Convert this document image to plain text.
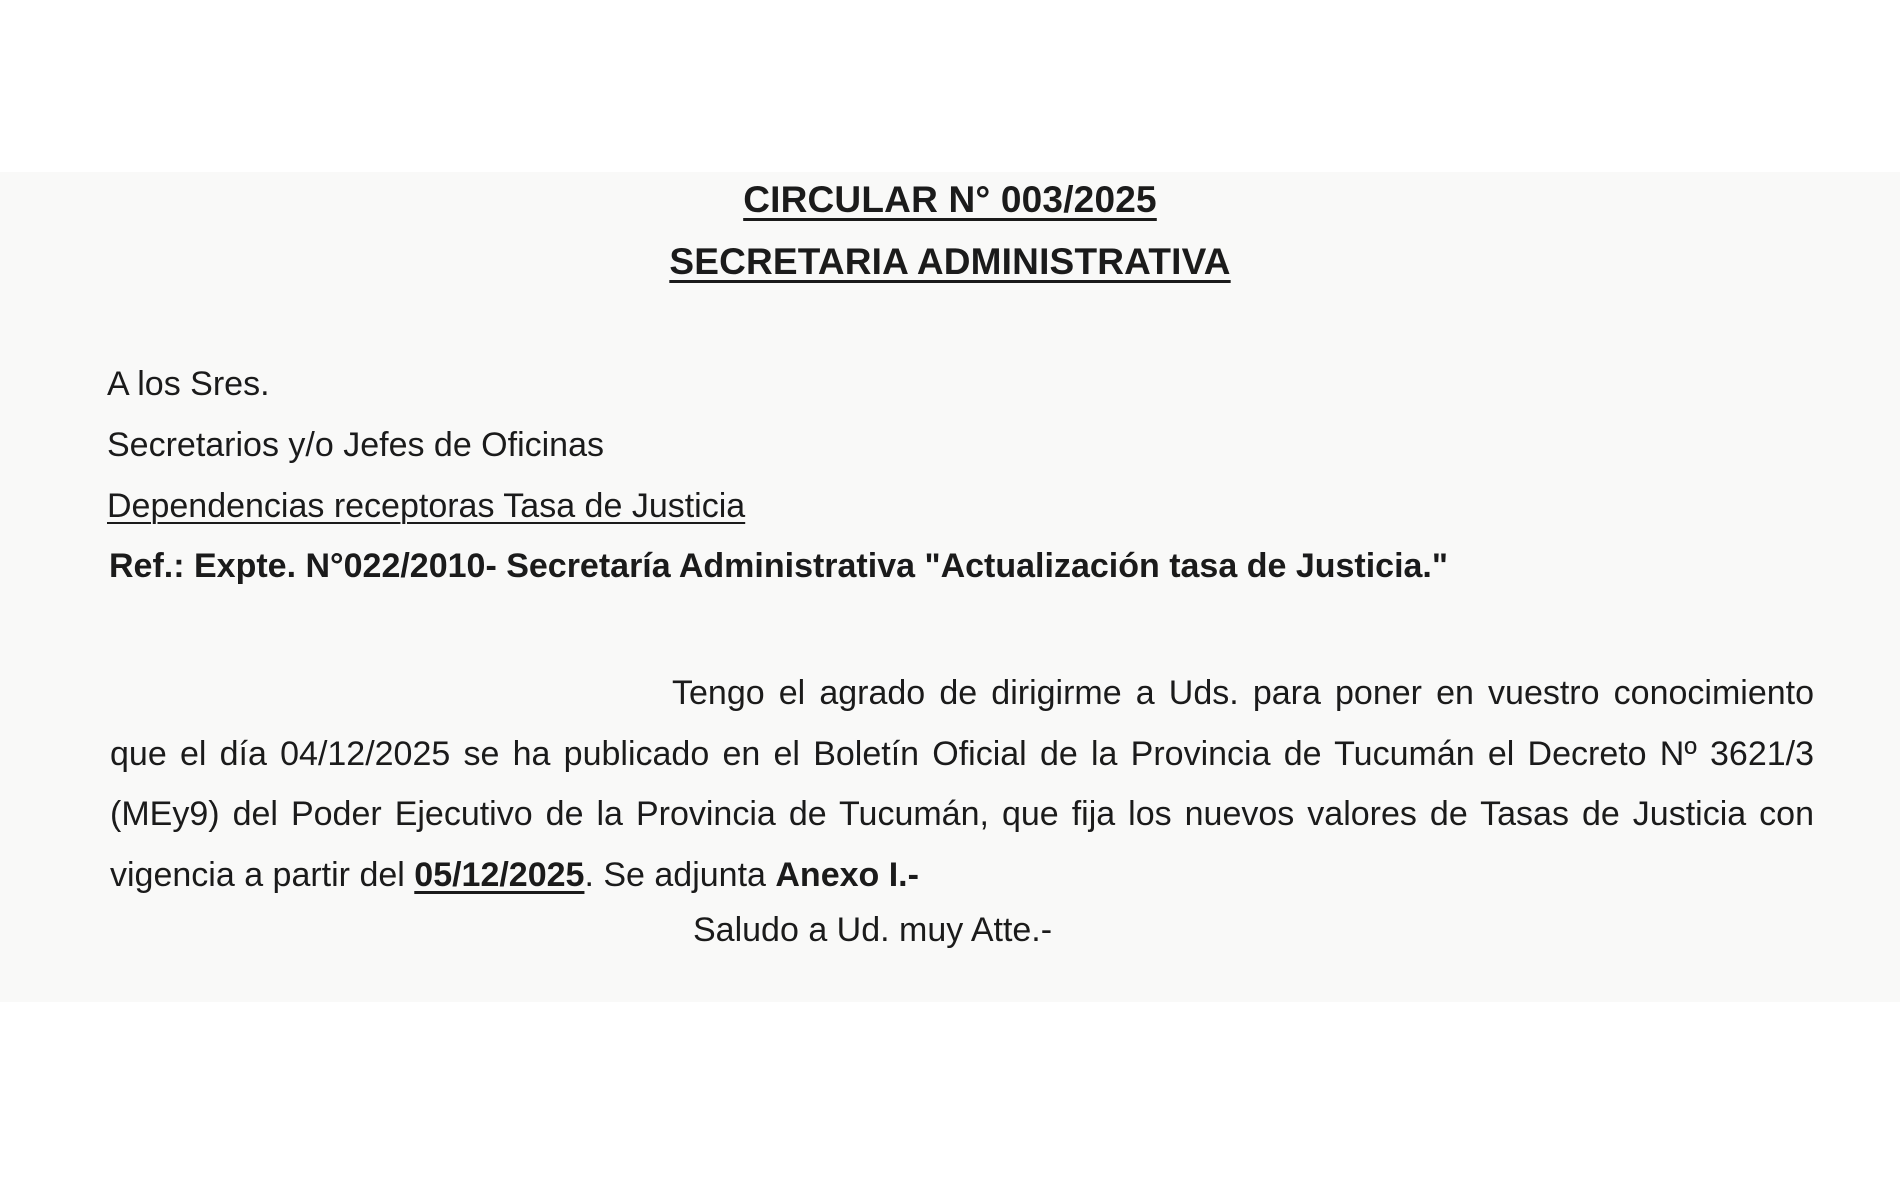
CIRCULAR N° 003/2025
SECRETARIA ADMINISTRATIVA

A los Sres.

Secretarios y/o Jefes de Oficinas

Dependencias receptoras Tasa de Justicia

Ref.: Expte. N°022/2010- Secretaría Administrativa "Actualización tasa de Justicia."

Tengo el agrado de dirigirme a Uds. para poner en vuestro conocimiento que el día 04/12/2025 se ha publicado en el Boletín Oficial de la Provincia de Tucumán el Decreto Nº 3621/3 (MEy9) del Poder Ejecutivo de la Provincia de Tucumán, que fija los nuevos valores de Tasas de Justicia con vigencia a partir del 05/12/2025. Se adjunta Anexo I.-

Saludo a Ud. muy Atte.-
